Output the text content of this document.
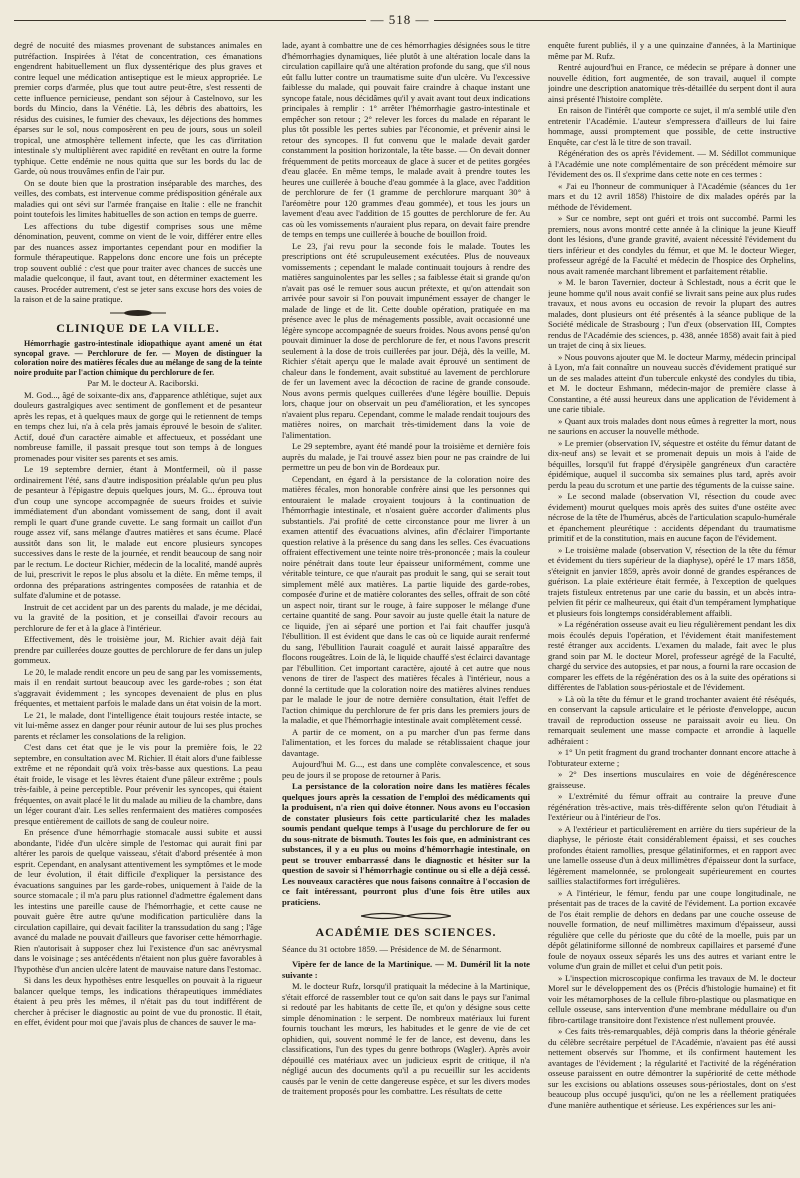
— 518 —

degré de nocuité des miasmes provenant de substances animales en putréfaction. Inspirées à l'état de concentration, ces émanations engendrent habituellement un flux dyssentérique des plus graves et contre lequel une médication antiseptique est le mieux appropriée. Le premier corps d'armée, plus que tout autre peut-être, s'est ressenti de cette influence pernicieuse, pendant son séjour à Castelnovo, sur les bords du Mincio, dans la Vénétie. Là, les débris des abattoirs, les résidus des cuisines, le fumier des chevaux, les déjections des hommes éparses sur le sol, nous composèrent en peu de jours, sous un soleil tropical, une atmosphère tellement infecte, que les cas d'irritation intestinale s'y multiplièrent avec rapidité en revêtant en outre la forme typhique. Cette endémie ne nous quitta que sur les bords du lac de Garde, où nous trouvâmes enfin de l'air pur.

On se doute bien que la prostration inséparable des marches, des veilles, des combats, est intervenue comme prédisposition générale aux maladies qui ont sévi sur l'armée française en Italie : elle ne franchit point toutefois les limites habituelles de son action en temps de guerre.

Les affections du tube digestif comprises sous une même dénomination, peuvent, comme on vient de le voir, différer entre elles par des nuances assez importantes cependant pour en modifier la formule thérapeutique. Rappelons donc encore une fois un précepte trop souvent oublié : c'est que pour traiter avec chances de succès une maladie quelconque, il faut, avant tout, en déterminer exactement les causes. Procéder autrement, c'est se jeter sans excuse hors des voies de la raison et de la saine pratique.

CLINIQUE DE LA VILLE.

Hémorrhagie gastro-intestinale idiopathique ayant amené un état syncopal grave. — Perchlorure de fer. — Moyen de distinguer la coloration noire des matières fécales due au mélange de sang de la teinte noire produite par l'action chimique du perchlorure de fer.

Par M. le docteur A. Raciborski.

M. God..., âgé de soixante-dix ans, d'apparence athlétique, sujet aux douleurs gastralgiques avec sentiment de gonflement et de pesanteur après les repas, et à quelques maux de gorge qui le retiennent de temps en temps chez lui, n'a à cela près jamais éprouvé le besoin de s'aliter. Actif, doué d'un caractère aimable et affectueux, et possédant une nombreuse famille, il passait presque tout son temps à de longues promenades pour visiter ses parents et ses amis.

Le 19 septembre dernier, étant à Montfermeil, où il passe ordinairement l'été, sans d'autre indisposition préalable qu'un peu plus de pesanteur à l'épigastre depuis quelques jours, M. G... éprouva tout d'un coup une syncope accompagnée de sueurs froides et suivie immédiatement d'un abondant vomissement de sang, dont il avait rempli le quart d'une grande cuvette. Le sang formait un caillot d'un rouge assez vif, sans mélange d'autres matières et sans écume. Placé aussitôt dans son lit, le malade eut encore plusieurs syncopes successives dans le reste de la journée, et rendit beaucoup de sang noir par le rectum. Le docteur Richier, médecin de la localité, mandé auprès de lui, prescrivit le repos le plus absolu et la diète. En même temps, il ordonna des préparations astringentes composées de ratanhia et de sulfate d'alumine et de potasse.

Instruit de cet accident par un des parents du malade, je me décidai, vu la gravité de la position, et je conseillai d'avoir recours au perchlorure de fer et à la glace à l'intérieur.

Effectivement, dès le troisième jour, M. Richier avait déjà fait prendre par cuillerées douze gouttes de perchlorure de fer dans un julep gommeux.

Le 20, le malade rendit encore un peu de sang par les vomissements, mais il en rendait surtout beaucoup avec les garde-robes ; son état s'aggravait évidemment ; les syncopes devenaient de plus en plus fréquentes, et mettaient parfois le malade dans un état voisin de la mort.

Le 21, le malade, dont l'intelligence était toujours restée intacte, se vit lui-même assez en danger pour réunir autour de lui ses plus proches parents et réclamer les consolations de la religion.

C'est dans cet état que je le vis pour la première fois, le 22 septembre, en consultation avec M. Richier. Il était alors d'une faiblesse extrême et ne répondait qu'à voix très-basse aux questions. La peau était froide, le visage et les lèvres étaient d'une pâleur extrême ; pouls très-faible, à peine perceptible. Pour prévenir les syncopes, qui étaient fréquentes, on avait placé le lit du malade au milieu de la chambre, dans un léger courant d'air. Les selles renfermaient des matières composées presque entièrement de caillots de sang de couleur noire.

En présence d'une hémorrhagie stomacale aussi subite et aussi abondante, l'idée d'un ulcère simple de l'estomac qui aurait fini par altérer les parois de quelque vaisseau, s'était d'abord présentée à mon esprit. Cependant, en analysant attentivement les symptômes et le mode de leur évolution, il était difficile d'expliquer la persistance des évacuations sanguines par les garde-robes, uniquement à l'aide de la source stomacale ; il m'a paru plus rationnel d'admettre également dans les intestins une pareille cause de l'hémorrhagie, et cette cause ne pouvait guère être autre qu'une modification particulière dans la circulation capillaire, qui devait faciliter la transsudation du sang ; l'âge avancé du malade ne pouvait d'ailleurs que favoriser cette hémorrhagie. Rien n'autorisait à supposer chez lui l'existence d'un sac anévrysmal dans le voisinage ; ses antécédents n'étaient non plus guère favorables à l'hypothèse d'un ancien ulcère latent de mauvaise nature dans l'estomac.

Si dans les deux hypothèses entre lesquelles on pouvait à la rigueur balancer quelque temps, les indications thérapeutiques immédiates étaient à peu près les mêmes, il n'était pas du tout indifférent de chercher à préciser le diagnostic au point de vue du pronostic. Il était, en effet, évident pour moi que j'avais plus de chances de sauver le ma-

lade, ayant à combattre une de ces hémorrhagies désignées sous le titre d'hémorrhagies dynamiques, liée plutôt à une altération locale dans la circulation capillaire qu'à une altération profonde du sang, que s'il nous eût fallu lutter contre un traumatisme suite d'un ulcère. Vu l'excessive faiblesse du malade, qui pouvait faire craindre à chaque instant une syncope fatale, nous décidâmes qu'il y avait avant tout deux indications principales à remplir : 1° arrêter l'hémorrhagie gastro-intestinale et empêcher son retour ; 2° relever les forces du malade en réparant le plus tôt possible les pertes subies par l'économie, et prévenir ainsi le retour des syncopes. Il fut convenu que le malade devait garder constamment la position horizontale, la tête basse. — On devait donner fréquemment de petits morceaux de glace à sucer et de petites gorgées d'eau glacée. En même temps, le malade avait à prendre toutes les heures une cuillerée à bouche d'eau gommée à la glace, avec l'addition de perchlorure de fer (1 gramme de perchlorure marquant 30° à l'aréomètre pour 120 grammes d'eau gommée), et tous les jours un lavement d'eau avec l'addition de 15 gouttes de perchlorure de fer. Au cas où les vomissements n'auraient plus repara, on devait faire prendre de temps en temps une cuillerée à bouche de bouillon froid.

Le 23, j'ai revu pour la seconde fois le malade. Toutes les prescriptions ont été scrupuleusement exécutées. Plus de nouveaux vomissements ; cependant le malade continuait toujours à rendre des matières sanguinolentes par les selles ; sa faiblesse était si grande qu'on n'avait pas osé le remuer sous aucun prétexte, et qu'on attendait son arrivée pour savoir si l'on pouvait impunément essayer de changer le malade de linge et de lit. Cette double opération, pratiquée en ma présence avec le plus de ménagements possible, avait occasionné une légère syncope accompagnée de sueurs froides. Nous avons pensé qu'on pouvait diminuer la dose de perchlorure de fer, et nous l'avons prescrit seulement à la dose de trois cuillerées par jour. Déjà, dès la veille, M. Richier s'était aperçu que le malade avait éprouvé un sentiment de chaleur dans le fondement, avait substitué au lavement de perchlorure de fer un lavement avec la décoction de racine de grande consoude. Nous avons permis quelques cuillerées d'une légère bouillie. Depuis lors, chaque jour on observait un peu d'amélioration, et les syncopes n'avaient plus reparu. Cependant, comme le malade rendait toujours des matières noires, on marchait très-timidement dans la voie de l'alimentation.

Le 29 septembre, ayant été mandé pour la troisième et dernière fois auprès du malade, je l'ai trouvé assez bien pour ne pas craindre de lui permettre un peu de bon vin de Bordeaux pur.

Cependant, en égard à la persistance de la coloration noire des matières fécales, mon honorable confrère ainsi que les personnes qui entouraient le malade croyaient toujours à la continuation de l'hémorrhagie intestinale, et n'osaient guère accorder d'aliments plus substantiels. J'ai profité de cette circonstance pour me livrer à un examen attentif des évacuations alvines, afin d'éclairer l'importante question relative à la présence du sang dans les selles. Ces évacuations offraient effectivement une teinte noire très-prononcée ; mais la couleur noire pénétrait dans toute leur épaisseur uniformément, comme une véritable teinture, ce que n'aurait pas produit le sang, qui se serait tout simplement mêlé aux matières. La partie liquide des garde-robes, composée d'urine et de matière colorantes des selles, offrait de son côté un aspect noir, tirant sur le rouge, à faire supposer le mélange d'une certaine quantité de sang. Pour savoir au juste quelle était la nature de ce liquide, j'en ai séparé une portion et l'ai fait chauffer jusqu'à l'ébullition. Il est évident que dans le cas où ce liquide aurait renfermé du sang, l'ébullition l'aurait coagulé et aurait laissé apparaître des flocons rougeâtres. Loin de là, le liquide chauffé s'est éclairci davantage par l'ébullition. Cet important caractère, ajouté à cet autre que nous venons de tirer de l'aspect des matières fécales à l'intérieur, nous a donné la certitude que la coloration noire des matières alvines rendues par le malade le jour de notre dernière consultation, était l'effet de l'action chimique du perchlorure de fer pris dans les premiers jours de la maladie, et que l'hémorrhagie intestinale avait complètement cessé.

A partir de ce moment, on a pu marcher d'un pas ferme dans l'alimentation, et les forces du malade se rétablissaient chaque jour davantage.

Aujourd'hui M. G..., est dans une complète convalescence, et sous peu de jours il se propose de retourner à Paris.

La persistance de la coloration noire dans les matières fécales quelques jours après la cessation de l'emploi des médicaments qui la produisent, n'a rien qui doive étonner. Nous avons eu l'occasion de constater plusieurs fois cette particularité chez les malades soumis pendant quelque temps à l'usage du perchlorure de fer ou du sous-nitrate de bismuth. Toutes les fois que, en administrant ces substances, il y a eu plus ou moins d'hémorrhagie intestinale, on peut se trouver embarrassé dans le diagnostic et hésiter sur la question de savoir si l'hémorrhagie continue ou si elle a déjà cessé. Les nouveaux caractères que nous faisons connaître à l'occasion de ce fait intéressant, pourront plus d'une fois être utiles aux praticiens.

ACADÉMIE DES SCIENCES.

Séance du 31 octobre 1859. — Présidence de M. de Sénarmont.

Vipère fer de lance de la Martinique. — M. Duméril lit la note suivante :

M. le docteur Rufz, lorsqu'il pratiquait la médecine à la Martinique, s'était efforcé de rassembler tout ce qu'on sait dans le pays sur l'animal si redouté par les habitants de cette île, et qu'on y désigne sous cette simple dénomination : le serpent. De nombreux matériaux lui furent fournis touchant les mœurs, les habitudes et le genre de vie de cet ophidien, qui, souvent nommé le fer de lance, est devenu, dans les classifications, l'un des types du genre bothrops (Wagler). Après avoir dépouillé ces matériaux avec un judicieux esprit de critique, il n'a négligé aucun des documents qu'il a pu recueillir sur les accidents causés par le venin de cette dangereuse espèce, et sur les divers modes de traitement proposés pour les combattre. Les résultats de cette

enquête furent publiés, il y a une quinzaine d'années, à la Martinique même par M. Rufz.

Rentré aujourd'hui en France, ce médecin se prépare à donner une nouvelle édition, fort augmentée, de son travail, auquel il compte joindre une description anatomique très-détaillée du serpent dont il aura ainsi présenté l'histoire complète.

En raison de l'intérêt que comporte ce sujet, il m'a semblé utile d'en entretenir l'Académie. L'auteur s'empressera d'ailleurs de lui faire hommage, aussi promptement que possible, de cette instructive Enquête, car c'est là le titre de son travail.

Régénération des os après l'évidement. — M. Sédillot communique à l'Académie une note complémentaire de son précédent mémoire sur l'évidement des os. Il s'exprime dans cette note en ces termes :

« J'ai eu l'honneur de communiquer à l'Académie (séances du 1er mars et du 12 avril 1858) l'histoire de dix malades opérés par la méthode de l'évidement.

» Sur ce nombre, sept ont guéri et trois ont succombé. Parmi les premiers, nous avons montré cette année à la clinique la jeune Kieuff dont les lésions, d'une grande gravité, avaient nécessité l'évidement du tiers inférieur et des condyles du fémur, et que M. le docteur Wieger, professeur agrégé de la Faculté et médecin de l'hospice des Orphelins, nous avait ramenée marchant librement et parfaitement rétablie.

» M. le baron Tavernier, docteur à Schlestadt, nous a écrit que le jeune homme qu'il nous avait confié se livrait sans peine aux plus rudes travaux, et nous avons eu occasion de revoir la plupart des autres malades, dont plusieurs ont été présentés à la séance publique de la Société médicale de Strasbourg ; l'un d'eux (observation III, Comptes rendus de l'Académie des sciences, p. 438, année 1858) avait fait à pied un trajet de cinq à six lieues.

» Nous pouvons ajouter que M. le docteur Marmy, médecin principal à Lyon, m'a fait connaître un nouveau succès d'évidement pratiqué sur un de ses malades atteint d'un tubercule enkysté des condyles du tibia, et M. le docteur Eshmann, médecin-major de première classe à Constantine, a été aussi heureux dans une application de l'évidement à une carie tibiale.

» Quant aux trois malades dont nous eûmes à regretter la mort, nous ne saurions en accuser la nouvelle méthode.

» Le premier (observation IV, séquestre et ostéite du fémur datant de dix-neuf ans) se levait et se promenait depuis un mois à l'aide de béquilles, lorsqu'il fut frappé d'érysipèle gangréneux d'un caractère épidémique, auquel il succomba six semaines plus tard, après avoir perdu la peau du scrotum et une partie des téguments de la cuisse saine.

» Le second malade (observation VI, résection du coude avec évidement) mourut quelques mois après des suites d'une ostéite avec nécrose de la tête de l'humérus, abcès de l'articulation scapulo-humérale et épanchement pleurétique : accidents dépendant du traumatisme primitif et de la constitution, mais en aucune façon de l'évidement.

» Le troisième malade (observation V, résection de la tête du fémur et évidement du tiers supérieur de la diaphyse), opéré le 17 mars 1858, s'éteignit en janvier 1859, après avoir donné de grandes espérances de guérison. La plaie extérieure était fermée, à l'exception de quelques trajets fistuleux entretenus par une carie du bassin, et un abcès intra-pelvien fit périr ce malheureux, qui était d'un tempérament lymphatique et plusieurs fois longtemps considérablement affaibli.

» La régénération osseuse avait eu lieu régulièrement pendant les dix mois écoulés depuis l'opération, et l'évidement était manifestement resté étranger aux accidents. L'examen du malade, fait avec le plus grand soin par M. le docteur Morel, professeur agrégé de la Faculté, chargé du service des autopsies, et par nous, a fourni la rare occasion de comparer les effets de la régénération des os à la suite des opérations si différentes de l'ablation sous-périostale et de l'évidement.

» Là où la tête du fémur et le grand trochanter avaient été réséqués, en conservant la capsule articulaire et le périoste d'enveloppe, aucun travail de reproduction osseuse ne paraissait avoir eu lieu. On remarquait seulement une masse compacte et arrondie à laquelle adhéraient :

» 1° Un petit fragment du grand trochanter donnant encore attache à l'obturateur externe ;

» 2° Des insertions musculaires en voie de dégénérescence graisseuse.

» L'extrémité du fémur offrait au contraire la preuve d'une régénération très-active, mais très-différente selon qu'on l'étudiait à l'extérieur ou à l'intérieur de l'os.

» A l'extérieur et particulièrement en arrière du tiers supérieur de la diaphyse, le périoste était considérablement épaissi, et ses couches profondes étaient ramollies, presque gélatiniformes, et en rapport avec une lamelle osseuse d'un à deux millimètres d'épaisseur dont la surface, légèrement mamelonnée, se prolongeait supérieurement en courtes saillies stalactiformes fort irrégulières.

» A l'intérieur, le fémur, fendu par une coupe longitudinale, ne présentait pas de traces de la cavité de l'évidement. La portion excavée de l'os était remplie de dehors en dedans par une couche osseuse de nouvelle formation, de neuf millimètres maximum d'épaisseur, aussi régulière que celle du périoste que du côté de la moelle, puis par un dépôt gélatiniforme sillonné de nombreux capillaires et parsemé d'une foule de noyaux osseux séparés les uns des autres et variant entre le volume d'un grain de millet et celui d'un petit pois.

» L'inspection microscopique confirma les travaux de M. le docteur Morel sur le développement des os (Précis d'histologie humaine) et fit voir les métamorphoses de la cellule fibro-plastique ou plasmatique en cellule osseuse, sans intervention d'une membrane médullaire ou d'un fibro-cartilage transitoire dont l'existence n'est nullement prouvée.

» Ces faits très-remarquables, déjà compris dans la théorie générale du célèbre secrétaire perpétuel de l'Académie, n'avaient pas été aussi nettement observés sur l'homme, et ils confirment hautement les avantages de l'évidement ; la régularité et l'activité de la régénération osseuse paraissent en outre démontrer la supériorité de cette méthode sur les excisions ou ablations osseuses sous-périostales, dont on s'est beaucoup plus occupé jusqu'ici, qu'on ne les a réellement pratiquées d'une manière authentique et sérieuse. Les expériences sur les ani-
